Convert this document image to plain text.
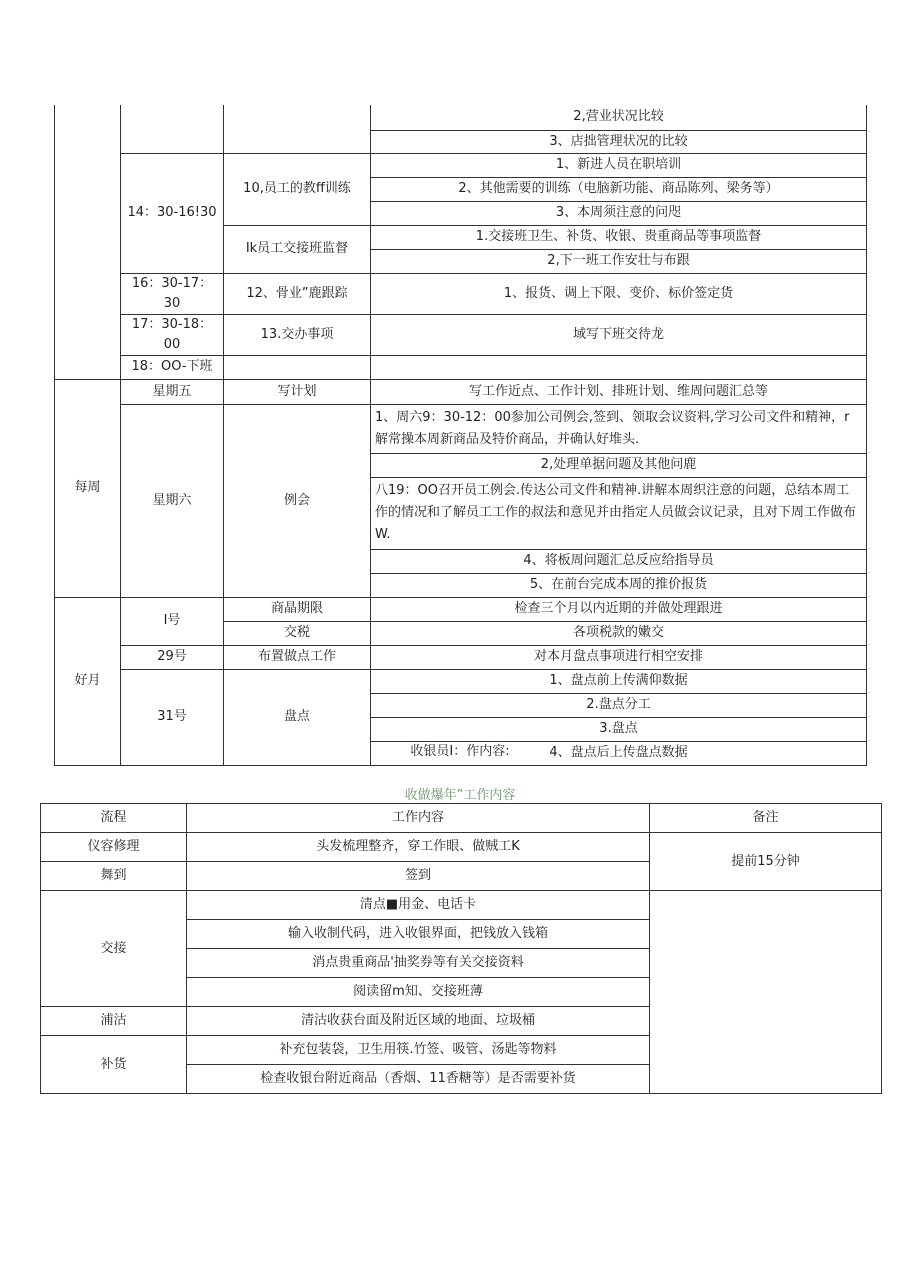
			2,营业状况比较
			3、店拙管理状况的比较
	14：30-16!30	10,员工的教ff训练	1、新进人员在职培训
			2、其他需要的训练（电脑新功能、商品陈列、梁务等）
			3、本周须注意的问咫
		Ik员工交接班监督	1.交接班卫生、补货、收银、贵重商品等事项监督
			2,下一班工作安壮与布跟
	16：30-17：30	12、骨业”鹿跟踪	1、报货、调上下限、变价、标价签定货
	17：30-18：00	13.交办事项	域写下班交待龙
	18：OO-下班		
每周	星期五	写计划	写工作近点、工作计划、排班计划、维周问题汇总等
	星期六	例会	1、周六9：30-12：00参加公司例会,签到、领取会议资料,学习公司文件和精神，r解常操本周新商品及特价商品，并确认好堆头.
			2,处理单据问题及其他问鹿
			八19：OO召开员工例会.传达公司文件和精神.讲解本周织注意的问题，总结本周工作的情况和了解员工工作的叔法和意见并由指定人员做会议记录，且对下周工作做布W.
			4、将板周问题汇总反应给指导员
			5、在前台完成本周的推价报货
好月	I号	商晶期限	检查三个月以内近期的并做处理跟进
		交税	各项税款的嫩交
	29号	布置做点工作	对本月盘点事项进行相空安排
	31号	盘点	1、盘点前上传满仰数据
			2.盘点分工
			3.盘点
			4、盘点后上传盘点数据
收银员I：作内容:
收做爆年”工作内容
流程	工作内容	备注
仪容修理	头发梳理整齐，穿工作眼、做贼工K	提前15分钟
舞到	签到	
交接	清点■用金、电话卡	
	输入收制代码，进入收银界面，把钱放入钱箱	
	消点贵重商品'抽奖券等有关交接资料	
	阅读留m知、交接班薄	
浦沽	清沽收获台面及附近区域的地面、垃圾桶	
补货	补充包装袋，卫生用筷.竹签、吸管、汤匙等物料	
	检查收银台附近商品（香烟、11香糖等）是否需要补货	
